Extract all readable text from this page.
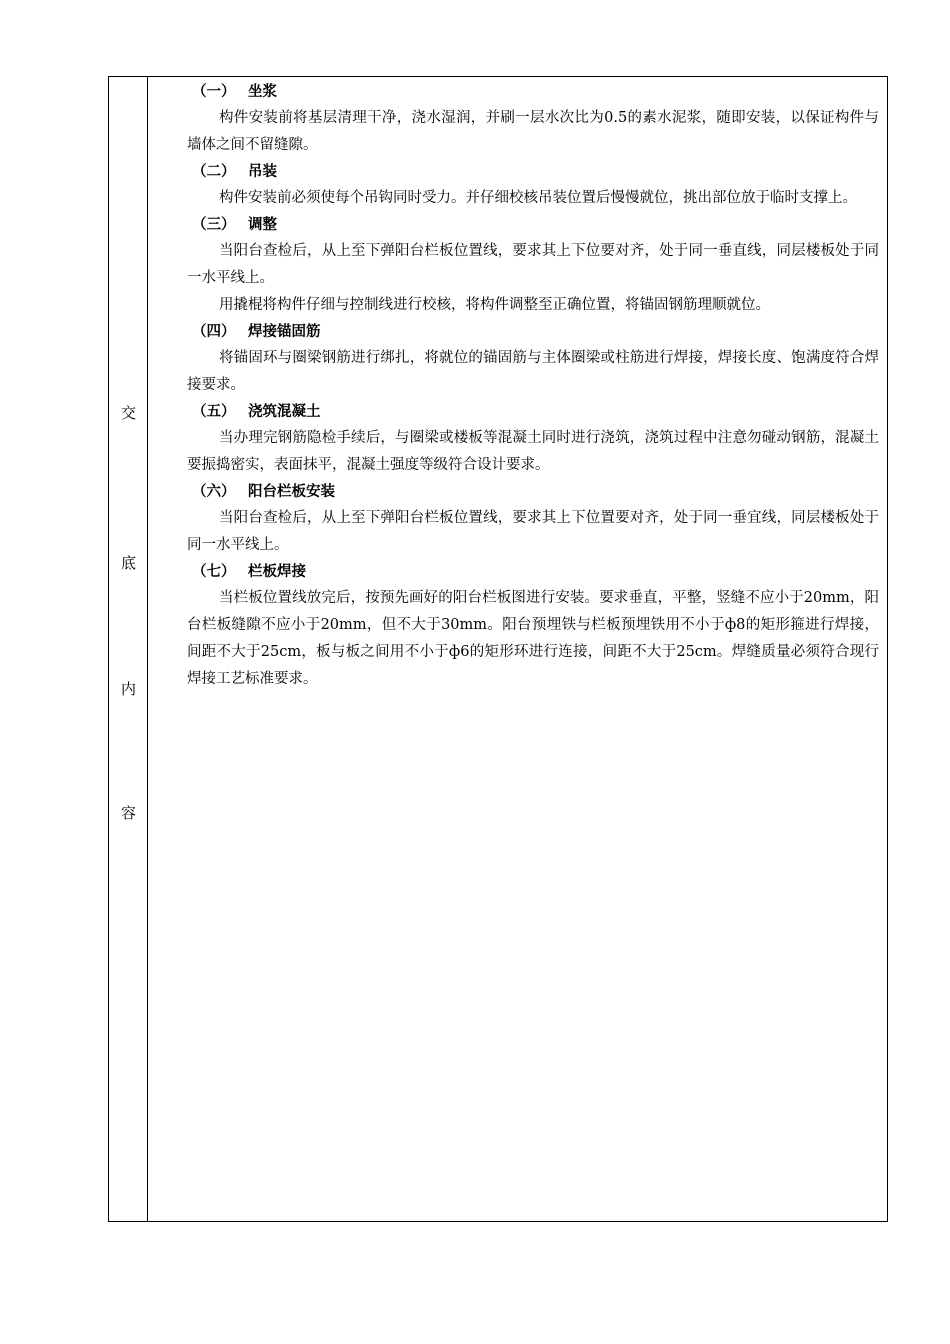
交
底
内
容
（一） 坐浆

构件安装前将基层清理干净，浇水湿润，并刷一层水次比为0.5的素水泥浆，随即安装，以保证构件与墙体之间不留缝隙。

（二） 吊装

构件安装前必须使每个吊钩同时受力。并仔细校核吊装位置后慢慢就位，挑出部位放于临时支撑上。

（三） 调整

当阳台查检后，从上至下弹阳台栏板位置线，要求其上下位要对齐，处于同一垂直线，同层楼板处于同一水平线上。

用撬棍将构件仔细与控制线进行校核，将构件调整至正确位置，将锚固钢筋理顺就位。

（四） 焊接锚固筋

将锚固环与圈梁钢筋进行绑扎，将就位的锚固筋与主体圈梁或柱筋进行焊接，焊接长度、饱满度符合焊接要求。

（五） 浇筑混凝土

当办理完钢筋隐检手续后，与圈梁或楼板等混凝土同时进行浇筑，浇筑过程中注意勿碰动钢筋，混凝土要振捣密实，表面抹平，混凝土强度等级符合设计要求。

（六） 阳台栏板安装

当阳台查检后，从上至下弹阳台栏板位置线，要求其上下位置要对齐，处于同一垂宜线，同层楼板处于同一水平线上。

（七） 栏板焊接

当栏板位置线放完后，按预先画好的阳台栏板图进行安装。要求垂直，平整，竖缝不应小于20mm，阳台栏板缝隙不应小于20mm，但不大于30mm。阳台预埋铁与栏板预埋铁用不小于ф8的矩形箍进行焊接，间距不大于25cm，板与板之间用不小于ф6的矩形环进行连接，间距不大于25cm。焊缝质量必须符合现行焊接工艺标准要求。
